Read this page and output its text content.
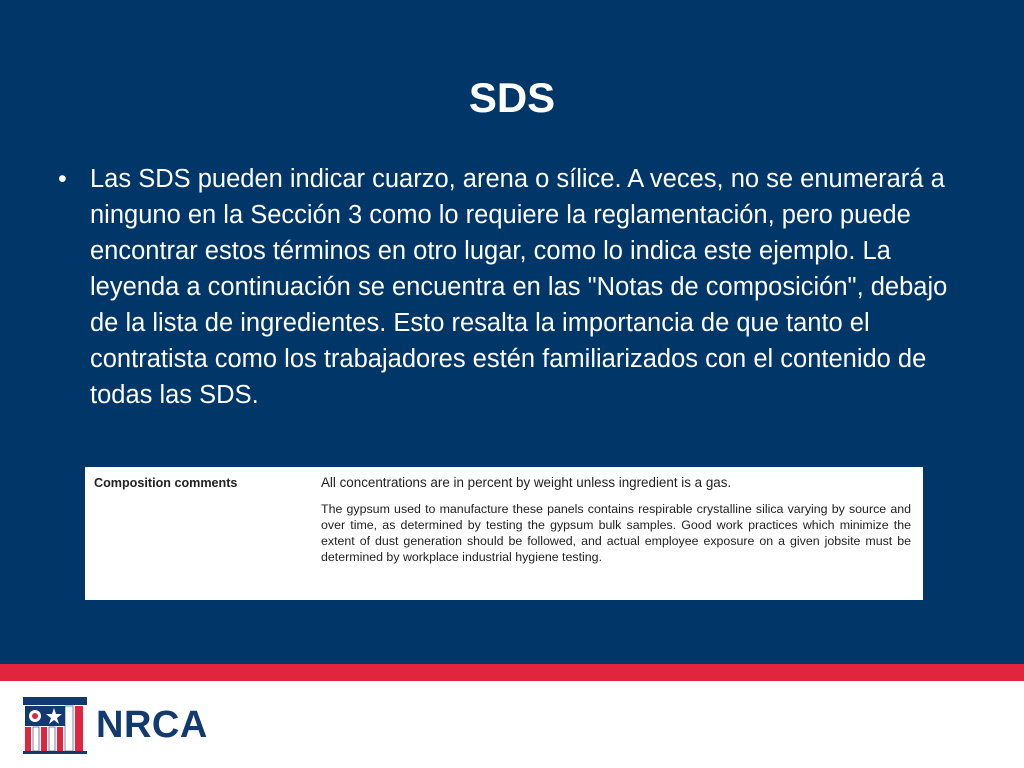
SDS
• Las SDS pueden indicar cuarzo, arena o sílice. A veces, no se enumerará a ninguno en la Sección 3 como lo requiere la reglamentación, pero puede encontrar estos términos en otro lugar, como lo indica este ejemplo. La leyenda a continuación se encuentra en las "Notas de composición", debajo de la lista de ingredientes. Esto resalta la importancia de que tanto el contratista como los trabajadores estén familiarizados con el contenido de todas las SDS.
Composition comments	All concentrations are in percent by weight unless ingredient is a gas.

The gypsum used to manufacture these panels contains respirable crystalline silica varying by source and over time, as determined by testing the gypsum bulk samples. Good work practices which minimize the extent of dust generation should be followed, and actual employee exposure on a given jobsite must be determined by workplace industrial hygiene testing.

NRCA
